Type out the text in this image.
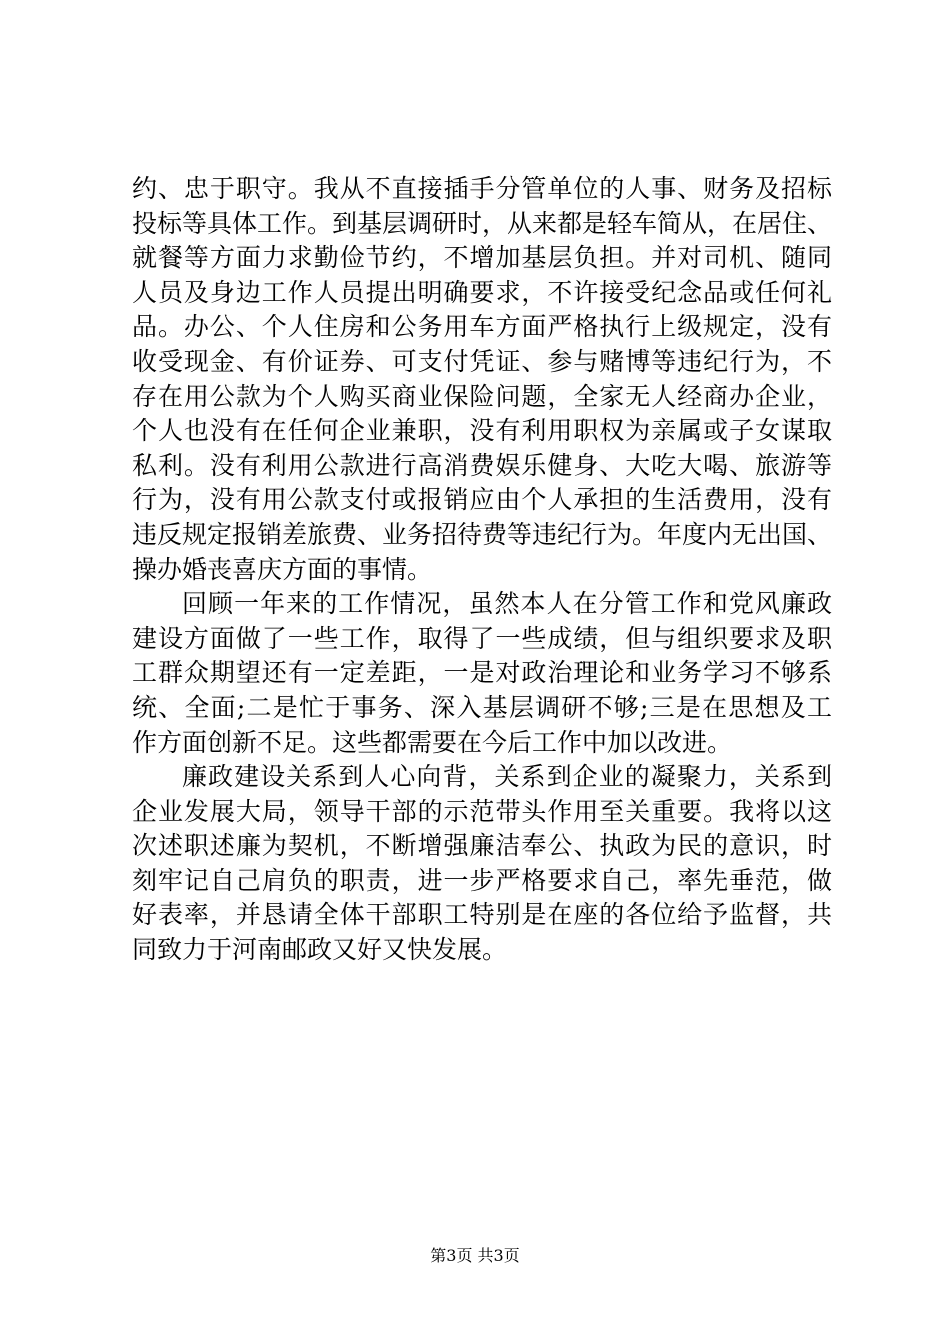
约、忠于职守。我从不直接插手分管单位的人事、财务及招标
投标等具体工作。到基层调研时，从来都是轻车简从，在居住、
就餐等方面力求勤俭节约，不增加基层负担。并对司机、随同
人员及身边工作人员提出明确要求，不许接受纪念品或任何礼
品。办公、个人住房和公务用车方面严格执行上级规定，没有
收受现金、有价证券、可支付凭证、参与赌博等违纪行为，不
存在用公款为个人购买商业保险问题，全家无人经商办企业，
个人也没有在任何企业兼职，没有利用职权为亲属或子女谋取
私利。没有利用公款进行高消费娱乐健身、大吃大喝、旅游等
行为，没有用公款支付或报销应由个人承担的生活费用，没有
违反规定报销差旅费、业务招待费等违纪行为。年度内无出国、
操办婚丧喜庆方面的事情。
回顾一年来的工作情况，虽然本人在分管工作和党风廉政
建设方面做了一些工作，取得了一些成绩，但与组织要求及职
工群众期望还有一定差距，一是对政治理论和业务学习不够系
统、全面;二是忙于事务、深入基层调研不够;三是在思想及工
作方面创新不足。这些都需要在今后工作中加以改进。
廉政建设关系到人心向背，关系到企业的凝聚力，关系到
企业发展大局，领导干部的示范带头作用至关重要。我将以这
次述职述廉为契机，不断增强廉洁奉公、执政为民的意识，时
刻牢记自己肩负的职责，进一步严格要求自己，率先垂范，做
好表率，并恳请全体干部职工特别是在座的各位给予监督，共
同致力于河南邮政又好又快发展。
第3页 共3页
